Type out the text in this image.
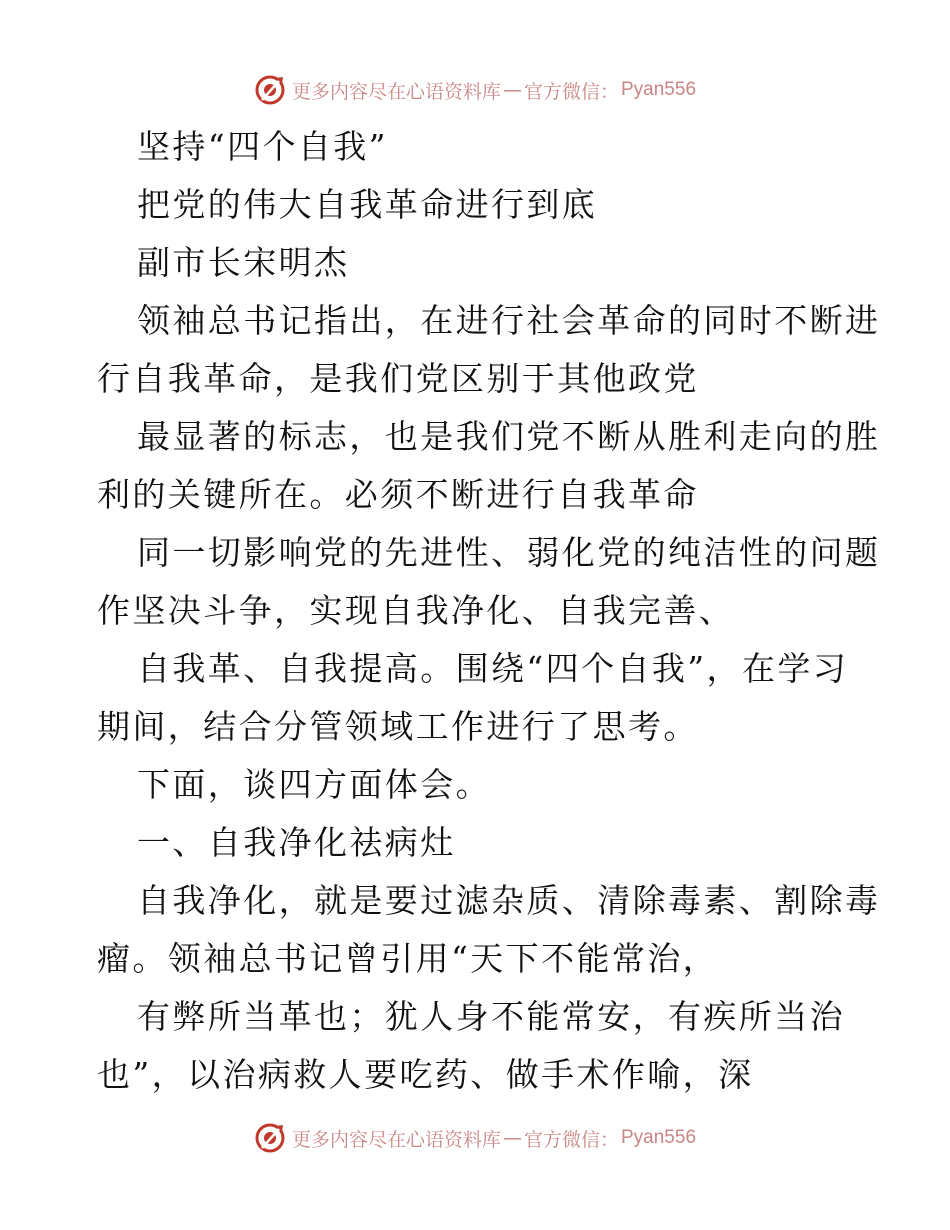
更多内容尽在心语资料库 — 官方微信： Pyan556
坚持“四个自我”
把党的伟大自我革命进行到底
副市长宋明杰
领袖总书记指出，在进行社会革命的同时不断进
行自我革命，是我们党区别于其他政党
最显著的标志，也是我们党不断从胜利走向的胜
利的关键所在。必须不断进行自我革命
同一切影响党的先进性、弱化党的纯洁性的问题
作坚决斗争，实现自我净化、自我完善、
自我革、自我提高。围绕“四个自我”，在学习
期间，结合分管领域工作进行了思考。
下面，谈四方面体会。
一、自我净化祛病灶
自我净化，就是要过滤杂质、清除毒素、割除毒
瘤。领袖总书记曾引用“天下不能常治，
有弊所当革也；犹人身不能常安，有疾所当治
也”，以治病救人要吃药、做手术作喻，深
更多内容尽在心语资料库 — 官方微信： Pyan556
